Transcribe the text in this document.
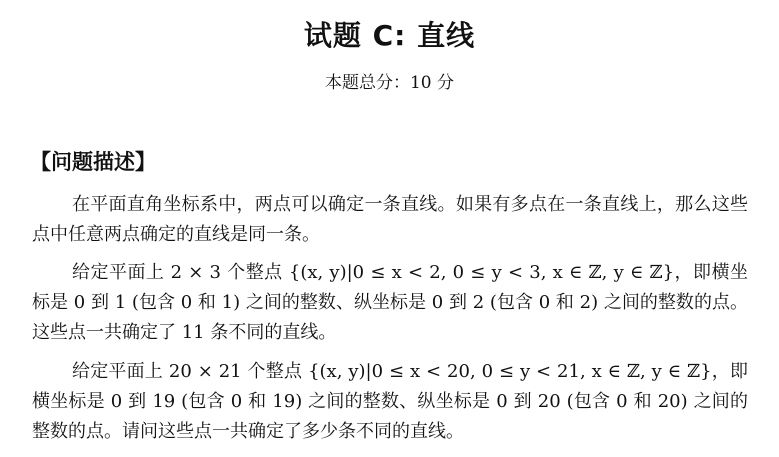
试题 C: 直线
本题总分：10 分
【问题描述】

在平面直角坐标系中，两点可以确定一条直线。如果有多点在一条直线上，那么这些点中任意两点确定的直线是同一条。

给定平面上 2 × 3 个整点 {(x, y)|0 ≤ x < 2, 0 ≤ y < 3, x ∈ ℤ, y ∈ ℤ}，即横坐标是 0 到 1 (包含 0 和 1) 之间的整数、纵坐标是 0 到 2 (包含 0 和 2) 之间的整数的点。这些点一共确定了 11 条不同的直线。

给定平面上 20 × 21 个整点 {(x, y)|0 ≤ x < 20, 0 ≤ y < 21, x ∈ ℤ, y ∈ ℤ}，即横坐标是 0 到 19 (包含 0 和 19) 之间的整数、纵坐标是 0 到 20 (包含 0 和 20) 之间的整数的点。请问这些点一共确定了多少条不同的直线。
